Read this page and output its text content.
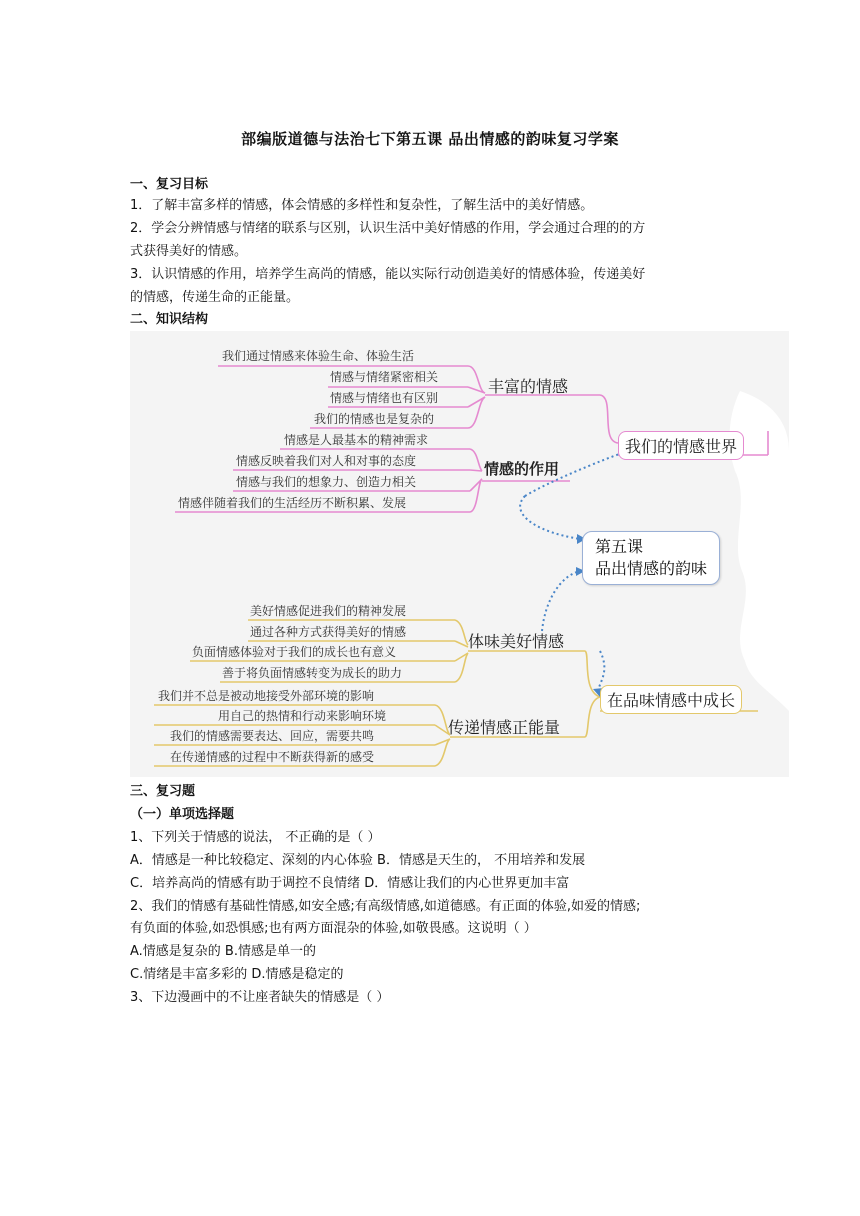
部编版道德与法治七下第五课 品出情感的韵味复习学案
一、复习目标
1．了解丰富多样的情感，体会情感的多样性和复杂性，了解生活中的美好情感。
2．学会分辨情感与情绪的联系与区别，认识生活中美好情感的作用，学会通过合理的的方
式获得美好的情感。
3．认识情感的作用，培养学生高尚的情感，能以实际行动创造美好的情感体验，传递美好
的情感，传递生命的正能量。
二、知识结构
我们通过情感来体验生命、体验生活
情感与情绪紧密相关
情感与情绪也有区别
我们的情感也是复杂的
丰富的情感
情感是人最基本的精神需求
情感反映着我们对人和对事的态度
情感与我们的想象力、创造力相关
情感伴随着我们的生活经历不断积累、发展
情感的作用
我们的情感世界
第五课
品出情感的韵味
美好情感促进我们的精神发展
通过各种方式获得美好的情感
负面情感体验对于我们的成长也有意义
善于将负面情感转变为成长的助力
体味美好情感
在品味情感中成长
我们并不总是被动地接受外部环境的影响
用自己的热情和行动来影响环境
我们的情感需要表达、回应，需要共鸣
在传递情感的过程中不断获得新的感受
传递情感正能量
三、复习题
（一）单项选择题
1、下列关于情感的说法， 不正确的是（ ）
A．情感是一种比较稳定、深刻的内心体验 B．情感是天生的， 不用培养和发展
C．培养高尚的情感有助于调控不良情绪 D．情感让我们的内心世界更加丰富
2、我们的情感有基础性情感,如安全感;有高级情感,如道德感。有正面的体验,如爱的情感;
有负面的体验,如恐惧感;也有两方面混杂的体验,如敬畏感。这说明（ ）
A.情感是复杂的 B.情感是单一的
C.情绪是丰富多彩的 D.情感是稳定的
3、下边漫画中的不让座者缺失的情感是（ ）
